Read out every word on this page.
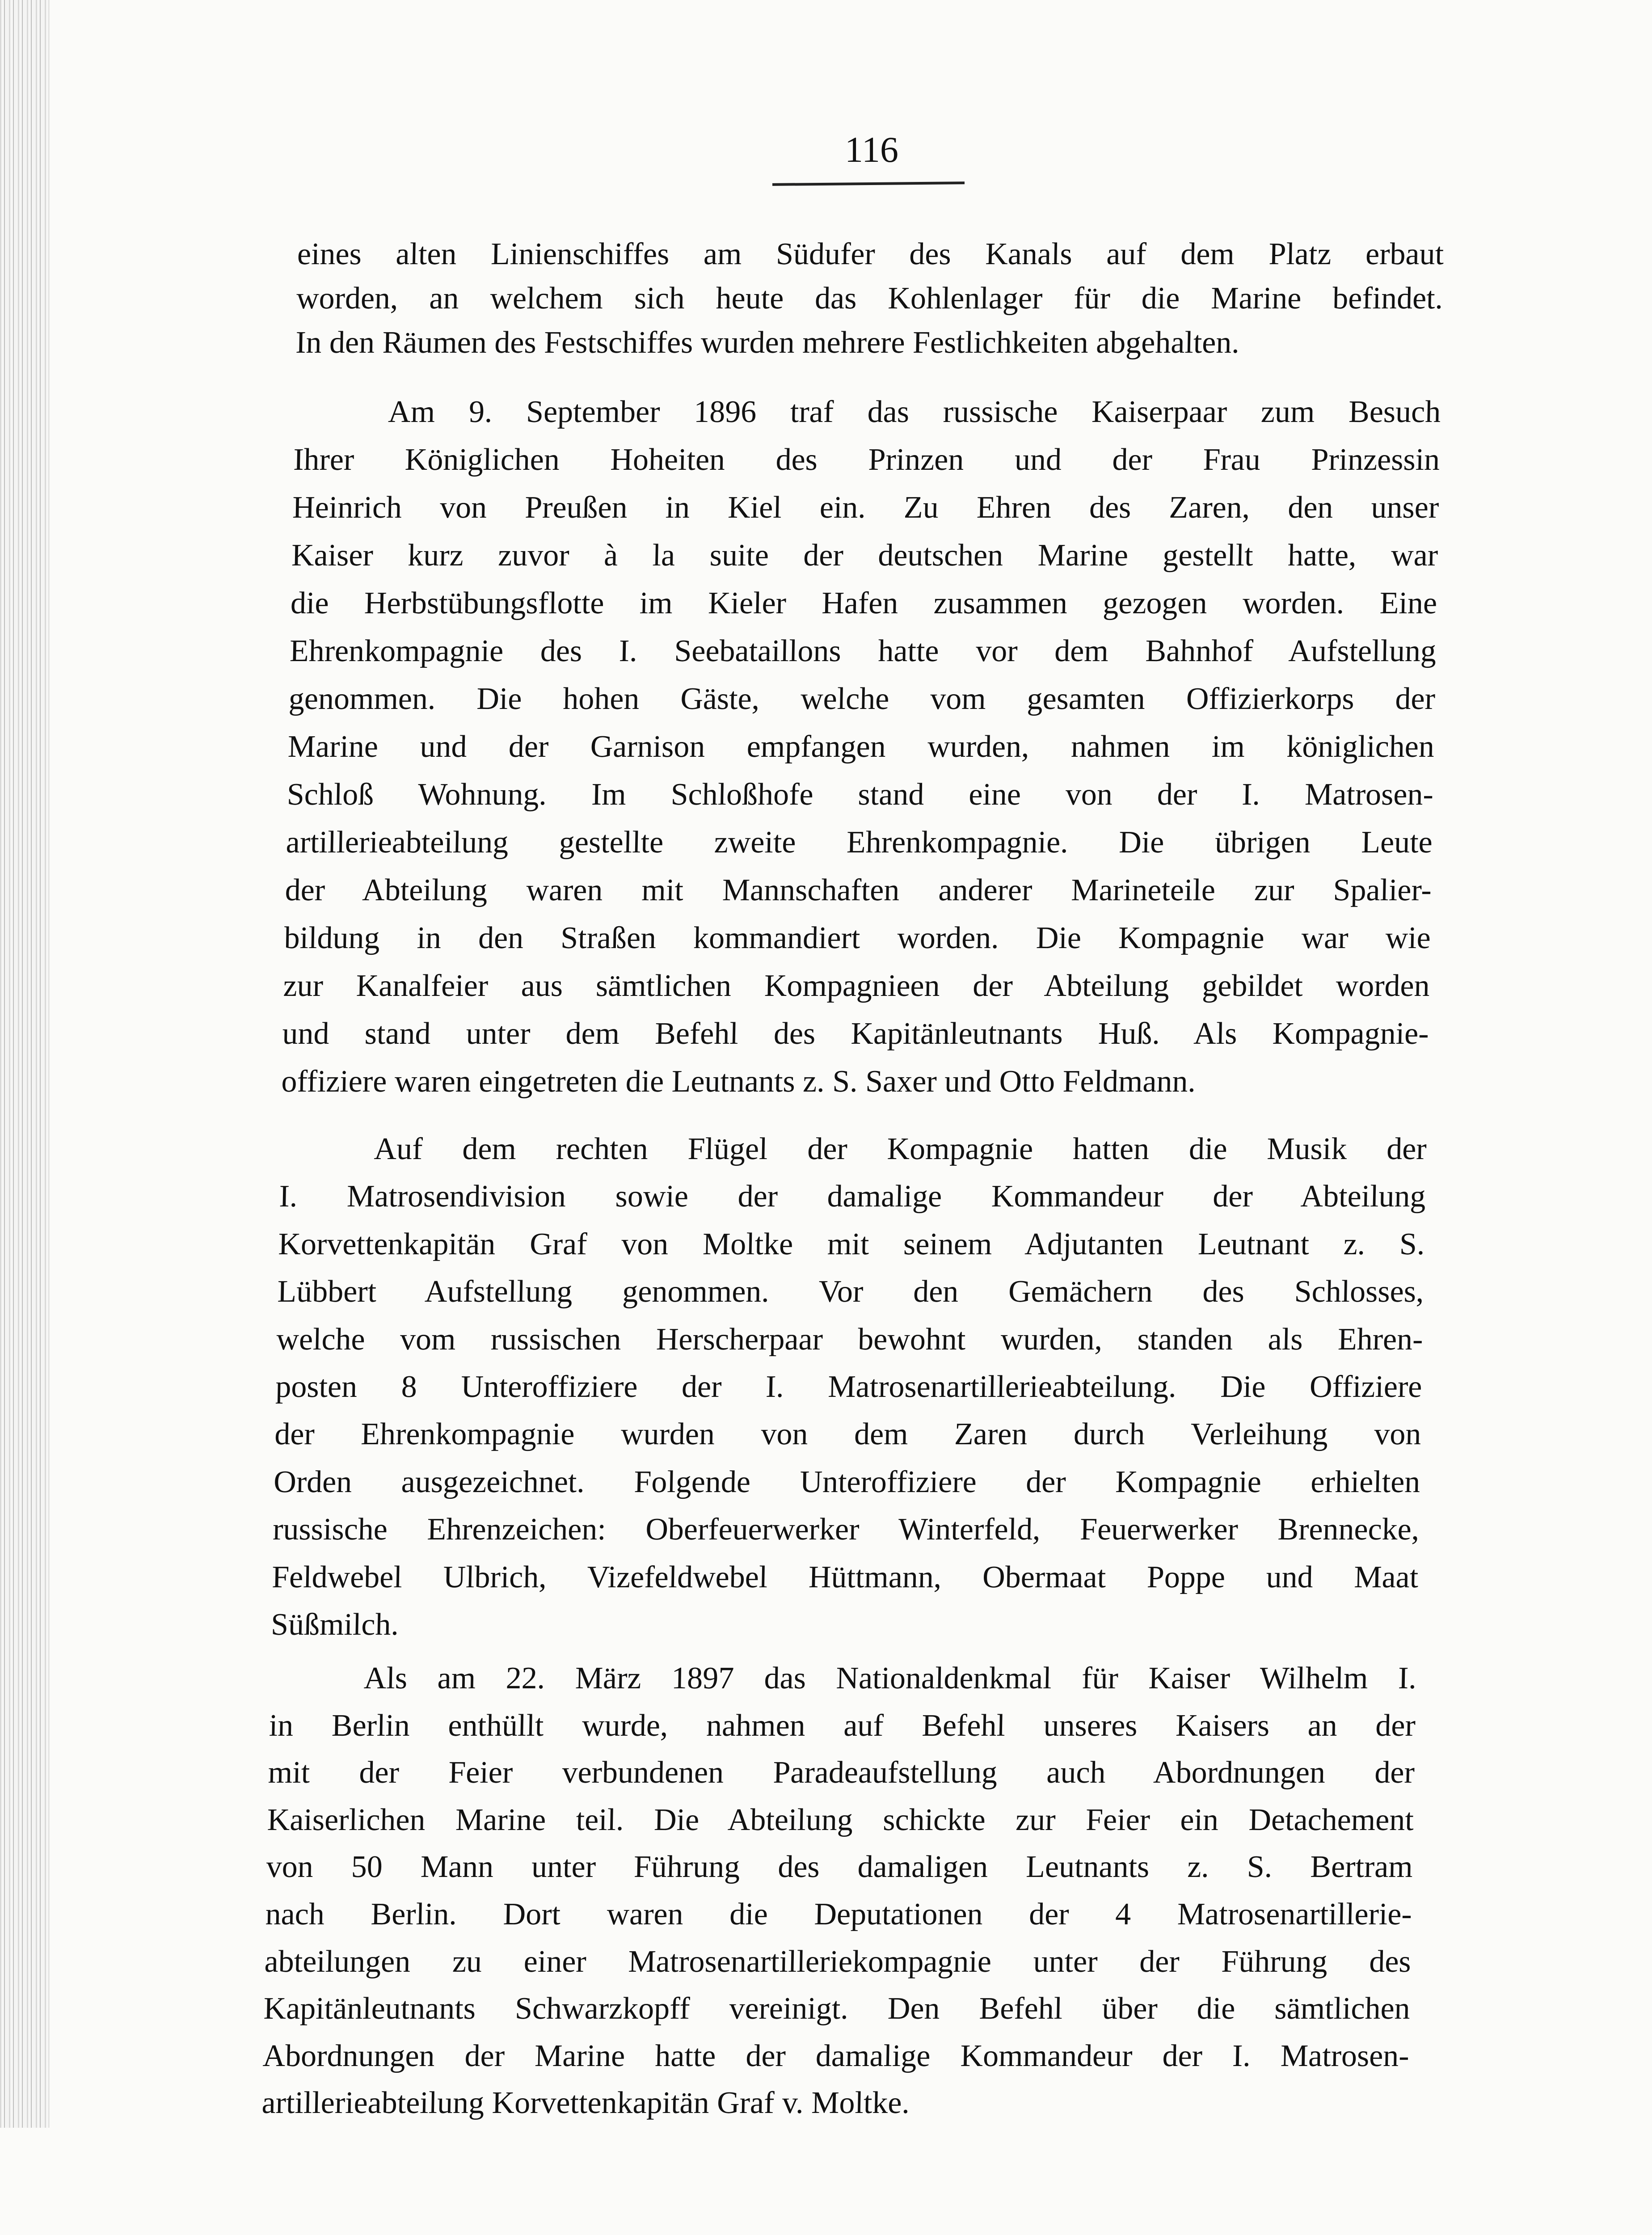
116
eines alten Linienschiffes am Südufer des Kanals auf dem Platz erbaut
worden, an welchem sich heute das Kohlenlager für die Marine befindet.
In den Räumen des Festschiffes wurden mehrere Festlichkeiten abgehalten.
Am 9. September 1896 traf das russische Kaiserpaar zum Besuch
Ihrer Königlichen Hoheiten des Prinzen und der Frau Prinzessin
Heinrich von Preußen in Kiel ein. Zu Ehren des Zaren, den unser
Kaiser kurz zuvor à la suite der deutschen Marine gestellt hatte, war
die Herbstübungsflotte im Kieler Hafen zusammen gezogen worden. Eine
Ehrenkompagnie des I. Seebataillons hatte vor dem Bahnhof Aufstellung
genommen. Die hohen Gäste, welche vom gesamten Offizierkorps der
Marine und der Garnison empfangen wurden, nahmen im königlichen
Schloß Wohnung. Im Schloßhofe stand eine von der I. Matrosen-
artillerieabteilung gestellte zweite Ehrenkompagnie. Die übrigen Leute
der Abteilung waren mit Mannschaften anderer Marineteile zur Spalier-
bildung in den Straßen kommandiert worden. Die Kompagnie war wie
zur Kanalfeier aus sämtlichen Kompagnieen der Abteilung gebildet worden
und stand unter dem Befehl des Kapitänleutnants Huß. Als Kompagnie-
offiziere waren eingetreten die Leutnants z. S. Saxer und Otto Feldmann.
Auf dem rechten Flügel der Kompagnie hatten die Musik der
I. Matrosendivision sowie der damalige Kommandeur der Abteilung
Korvettenkapitän Graf von Moltke mit seinem Adjutanten Leutnant z. S.
Lübbert Aufstellung genommen. Vor den Gemächern des Schlosses,
welche vom russischen Herscherpaar bewohnt wurden, standen als Ehren-
posten 8 Unteroffiziere der I. Matrosenartillerieabteilung. Die Offiziere
der Ehrenkompagnie wurden von dem Zaren durch Verleihung von
Orden ausgezeichnet. Folgende Unteroffiziere der Kompagnie erhielten
russische Ehrenzeichen: Oberfeuerwerker Winterfeld, Feuerwerker Brennecke,
Feldwebel Ulbrich, Vizefeldwebel Hüttmann, Obermaat Poppe und Maat
Süßmilch.
Als am 22. März 1897 das Nationaldenkmal für Kaiser Wilhelm I.
in Berlin enthüllt wurde, nahmen auf Befehl unseres Kaisers an der
mit der Feier verbundenen Paradeaufstellung auch Abordnungen der
Kaiserlichen Marine teil. Die Abteilung schickte zur Feier ein Detachement
von 50 Mann unter Führung des damaligen Leutnants z. S. Bertram
nach Berlin. Dort waren die Deputationen der 4 Matrosenartillerie-
abteilungen zu einer Matrosenartilleriekompagnie unter der Führung des
Kapitänleutnants Schwarzkopff vereinigt. Den Befehl über die sämtlichen
Abordnungen der Marine hatte der damalige Kommandeur der I. Matrosen-
artillerieabteilung Korvettenkapitän Graf v. Moltke.
